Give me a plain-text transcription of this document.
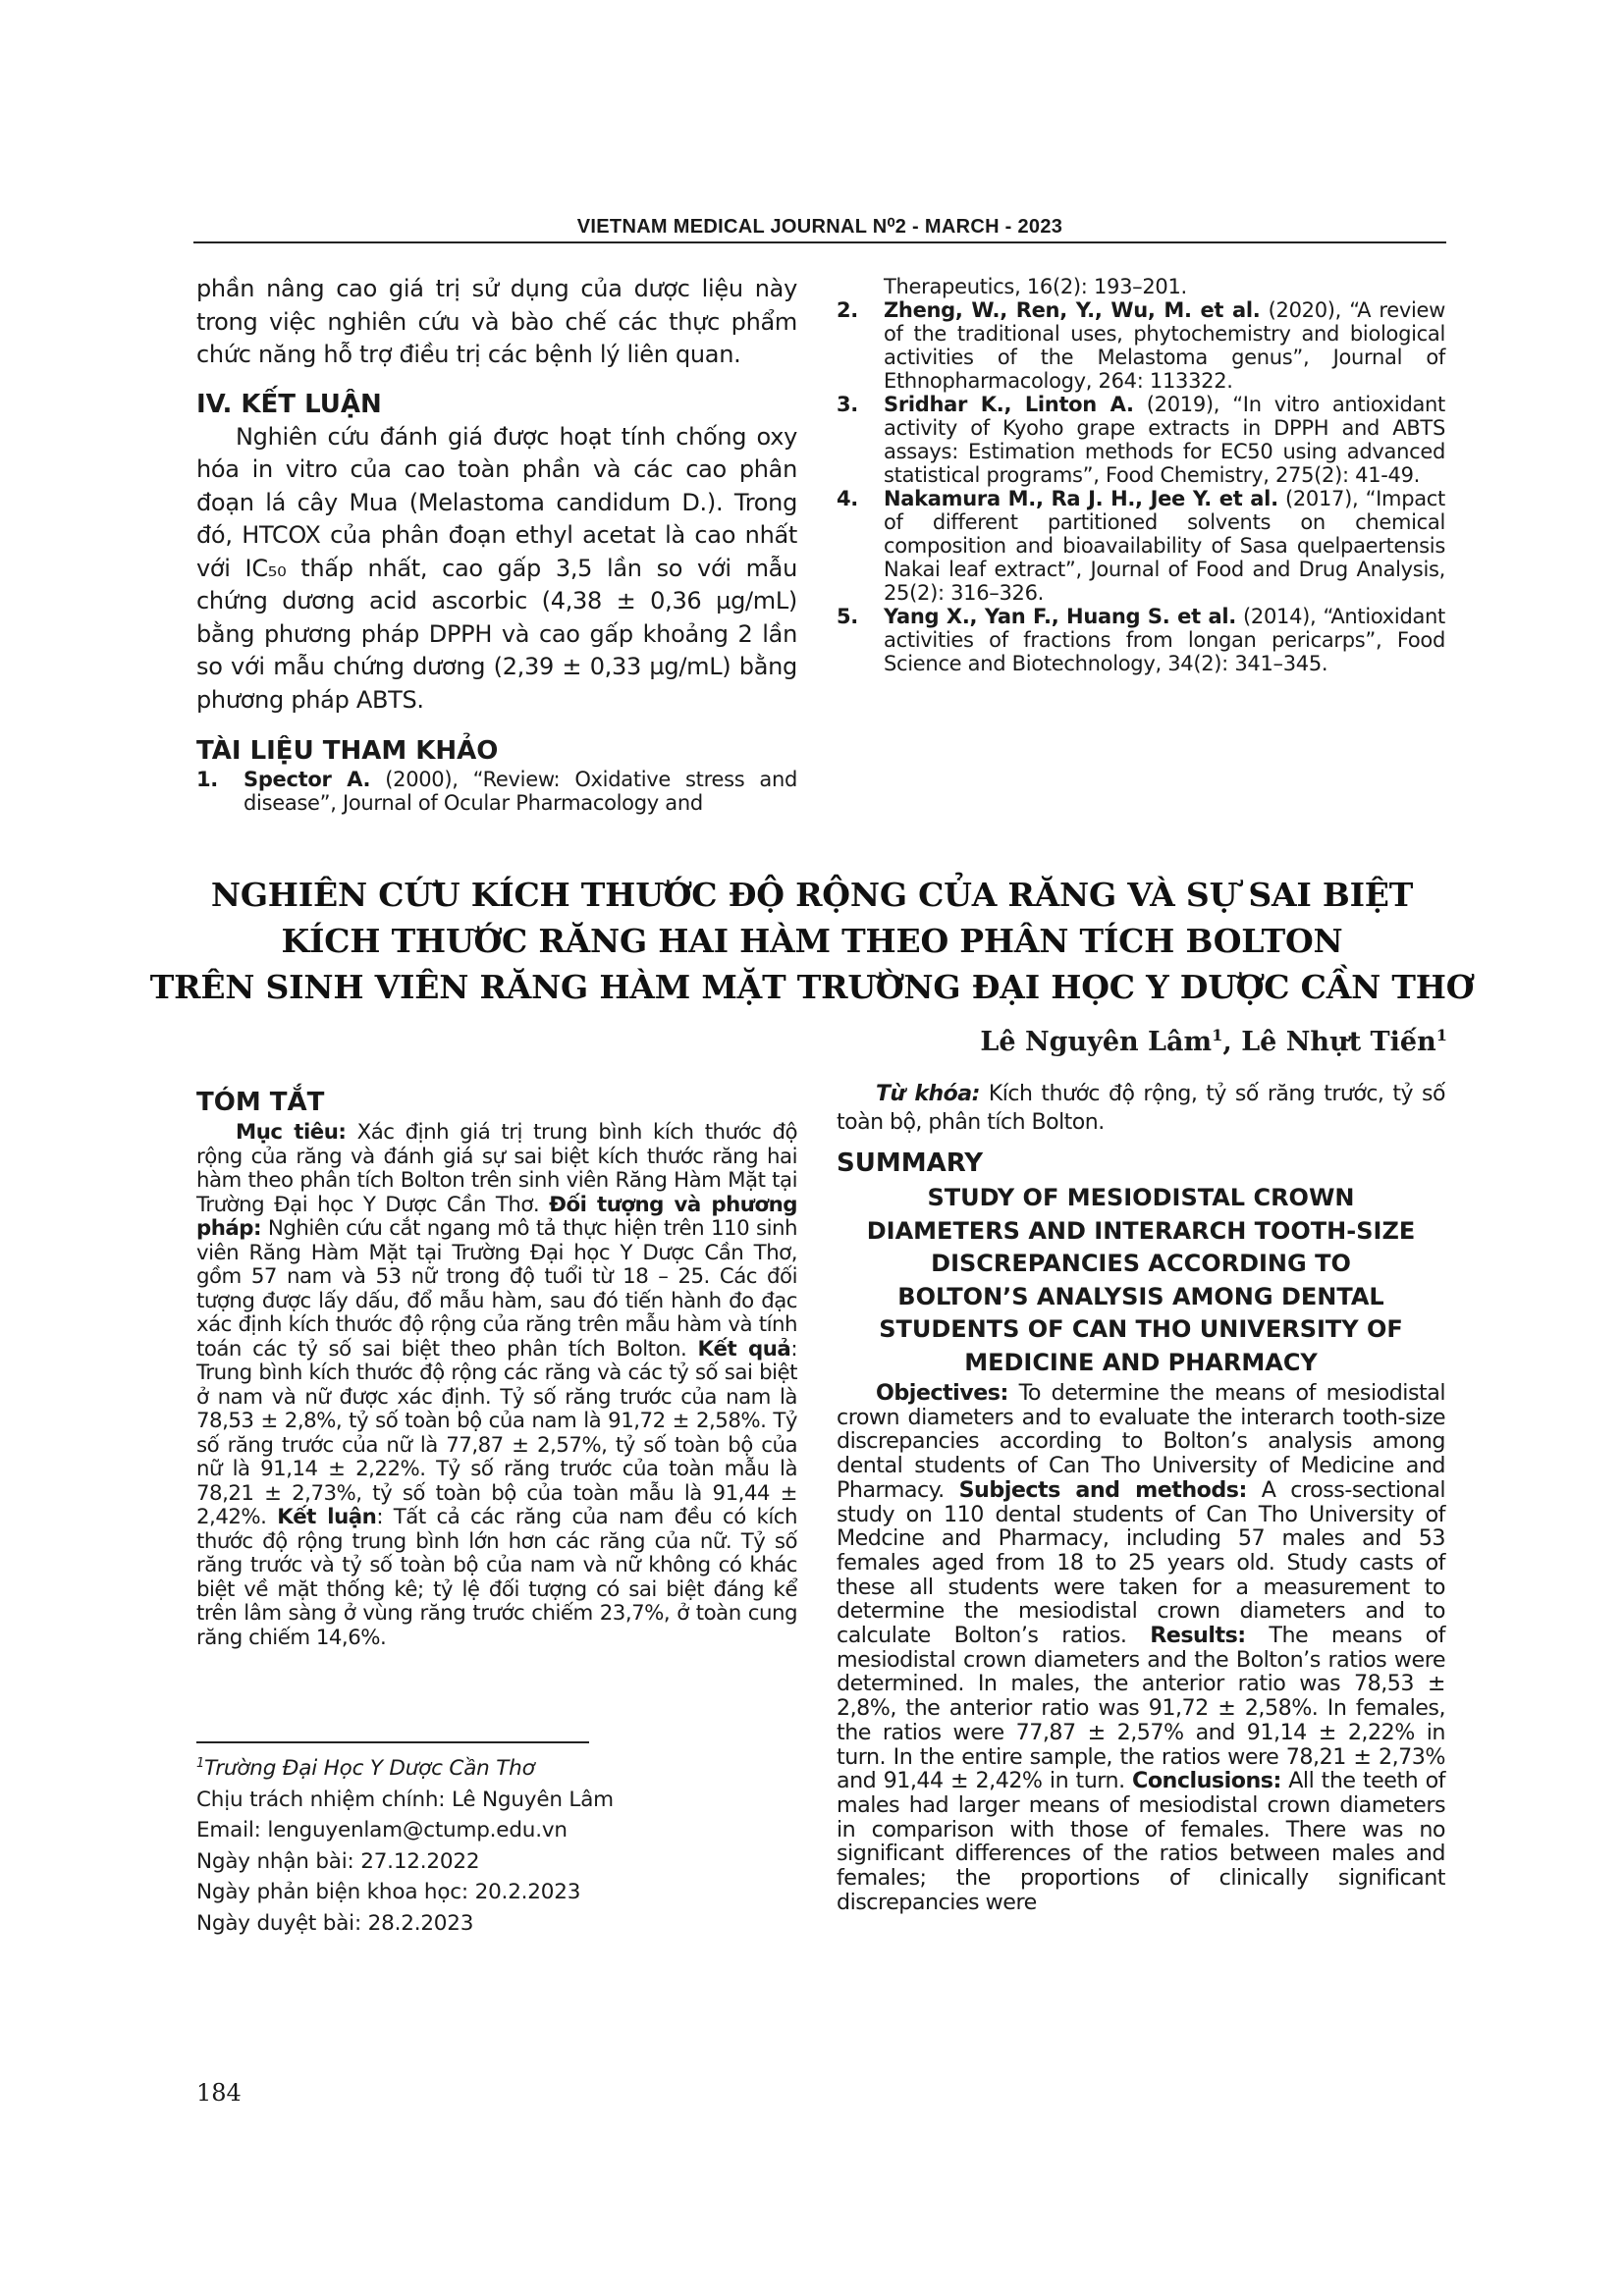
VIETNAM MEDICAL JOURNAL N⁰2 - MARCH - 2023

phần nâng cao giá trị sử dụng của dược liệu này trong việc nghiên cứu và bào chế các thực phẩm chức năng hỗ trợ điều trị các bệnh lý liên quan.

IV. KẾT LUẬN

Nghiên cứu đánh giá được hoạt tính chống oxy hóa in vitro của cao toàn phần và các cao phân đoạn lá cây Mua (Melastoma candidum D.). Trong đó, HTCOX của phân đoạn ethyl acetat là cao nhất với IC₅₀ thấp nhất, cao gấp 3,5 lần so với mẫu chứng dương acid ascorbic (4,38 ± 0,36 µg/mL) bằng phương pháp DPPH và cao gấp khoảng 2 lần so với mẫu chứng dương (2,39 ± 0,33 µg/mL) bằng phương pháp ABTS.

TÀI LIỆU THAM KHẢO
1.	Spector A. (2000), “Review: Oxidative stress and disease”, Journal of Ocular Pharmacology and
Therapeutics, 16(2): 193–201.
2.	Zheng, W., Ren, Y., Wu, M. et al. (2020), “A review of the traditional uses, phytochemistry and biological activities of the Melastoma genus”, Journal of Ethnopharmacology, 264: 113322.
3.	Sridhar K., Linton A. (2019), “In vitro antioxidant activity of Kyoho grape extracts in DPPH and ABTS assays: Estimation methods for EC50 using advanced statistical programs”, Food Chemistry, 275(2): 41-49.
4.	Nakamura M., Ra J. H., Jee Y. et al. (2017), “Impact of different partitioned solvents on chemical composition and bioavailability of Sasa quelpaertensis Nakai leaf extract”, Journal of Food and Drug Analysis, 25(2): 316–326.
5.	Yang X., Yan F., Huang S. et al. (2014), “Antioxidant activities of fractions from longan pericarps”, Food Science and Biotechnology, 34(2): 341–345.
NGHIÊN CỨU KÍCH THƯỚC ĐỘ RỘNG CỦA RĂNG VÀ SỰ SAI BIỆT
KÍCH THƯỚC RĂNG HAI HÀM THEO PHÂN TÍCH BOLTON
TRÊN SINH VIÊN RĂNG HÀM MẶT TRƯỜNG ĐẠI HỌC Y DƯỢC CẦN THƠ
Lê Nguyên Lâm$^1$, Lê Nhựt Tiến$^1$
TÓM TẮT

Mục tiêu: Xác định giá trị trung bình kích thước độ rộng của răng và đánh giá sự sai biệt kích thước răng hai hàm theo phân tích Bolton trên sinh viên Răng Hàm Mặt tại Trường Đại học Y Dược Cần Thơ. Đối tượng và phương pháp: Nghiên cứu cắt ngang mô tả thực hiện trên 110 sinh viên Răng Hàm Mặt tại Trường Đại học Y Dược Cần Thơ, gồm 57 nam và 53 nữ trong độ tuổi từ 18 – 25. Các đối tượng được lấy dấu, đổ mẫu hàm, sau đó tiến hành đo đạc xác định kích thước độ rộng của răng trên mẫu hàm và tính toán các tỷ số sai biệt theo phân tích Bolton. Kết quả: Trung bình kích thước độ rộng các răng và các tỷ số sai biệt ở nam và nữ được xác định. Tỷ số răng trước của nam là 78,53 ± 2,8%, tỷ số toàn bộ của nam là 91,72 ± 2,58%. Tỷ số răng trước của nữ là 77,87 ± 2,57%, tỷ số toàn bộ của nữ là 91,14 ± 2,22%. Tỷ số răng trước của toàn mẫu là 78,21 ± 2,73%, tỷ số toàn bộ của toàn mẫu là 91,44 ± 2,42%. Kết luận: Tất cả các răng của nam đều có kích thước độ rộng trung bình lớn hơn các răng của nữ. Tỷ số răng trước và tỷ số toàn bộ của nam và nữ không có khác biệt về mặt thống kê; tỷ lệ đối tượng có sai biệt đáng kể trên lâm sàng ở vùng răng trước chiếm 23,7%, ở toàn cung răng chiếm 14,6%.

Từ khóa: Kích thước độ rộng, tỷ số răng trước, tỷ số toàn bộ, phân tích Bolton.

SUMMARY
STUDY OF MESIODISTAL CROWN
DIAMETERS AND INTERARCH TOOTH-SIZE
DISCREPANCIES ACCORDING TO
BOLTON’S ANALYSIS AMONG DENTAL
STUDENTS OF CAN THO UNIVERSITY OF
MEDICINE AND PHARMACY

Objectives: To determine the means of mesiodistal crown diameters and to evaluate the interarch tooth-size discrepancies according to Bolton’s analysis among dental students of Can Tho University of Medicine and Pharmacy. Subjects and methods: A cross-sectional study on 110 dental students of Can Tho University of Medcine and Pharmacy, including 57 males and 53 females aged from 18 to 25 years old. Study casts of these all students were taken for a measurement to determine the mesiodistal crown diameters and to calculate Bolton’s ratios. Results: The means of mesiodistal crown diameters and the Bolton’s ratios were determined. In males, the anterior ratio was 78,53 ± 2,8%, the anterior ratio was 91,72 ± 2,58%. In females, the ratios were 77,87 ± 2,57% and 91,14 ± 2,22% in turn. In the entire sample, the ratios were 78,21 ± 2,73% and 91,44 ± 2,42% in turn. Conclusions: All the teeth of males had larger means of mesiodistal crown diameters in comparison with those of females. There was no significant differences of the ratios between males and females; the proportions of clinically significant discrepancies were

$^1$Trường Đại Học Y Dược Cần Thơ
Chịu trách nhiệm chính: Lê Nguyên Lâm
Email: lenguyenlam@ctump.edu.vn
Ngày nhận bài: 27.12.2022
Ngày phản biện khoa học: 20.2.2023
Ngày duyệt bài: 28.2.2023
184
